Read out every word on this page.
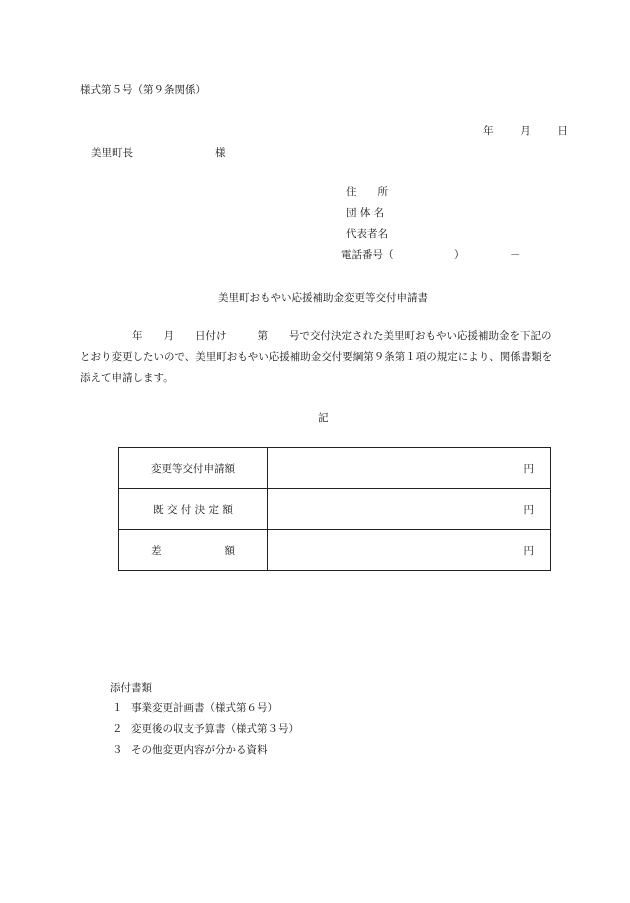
様式第５号（第９条関係）
年	月	日
美里町長	様
住　　所
団 体 名
代表者名
電話番号（	）	－
美里町おもやい応援補助金変更等交付申請書
年 月 日付け	第 号で交付決定された美里町おもやい応援補助金を下記のとおり変更したいので、美里町おもやい応援補助金交付要綱第９条第１項の規定により、関係書類を添えて申請します。
記
変更等交付申請額	円
既 交 付 決 定 額	円
差　　　　　　額	円
添付書類
１ 事業変更計画書（様式第６号）
２ 変更後の収支予算書（様式第３号）
３ その他変更内容が分かる資料
